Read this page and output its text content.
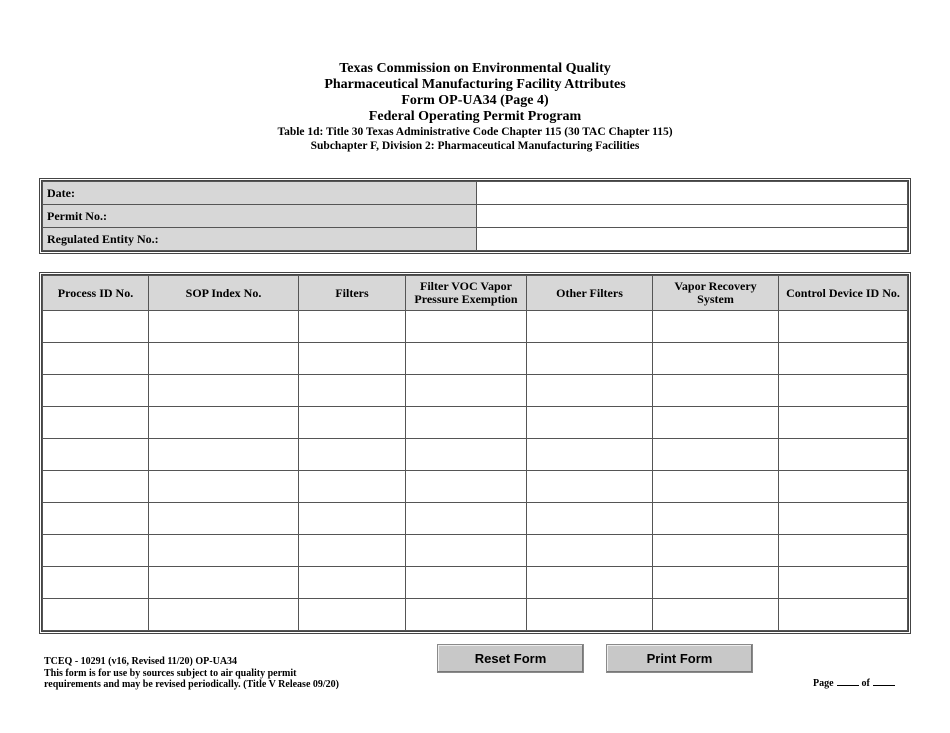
Texas Commission on Environmental Quality
Pharmaceutical Manufacturing Facility Attributes
Form OP-UA34 (Page 4)
Federal Operating Permit Program
Table 1d: Title 30 Texas Administrative Code Chapter 115 (30 TAC Chapter 115)
Subchapter F, Division 2: Pharmaceutical Manufacturing Facilities
Date:	
Permit No.:	
Regulated Entity No.:	
Process ID No.	SOP Index No.	Filters	Filter VOC Vapor Pressure Exemption	Other Filters	Vapor Recovery System	Control Device ID No.

TCEQ - 10291 (v16, Revised 11/20) OP-UA34
This form is for use by sources subject to air quality permit
requirements and may be revised periodically. (Title V Release 09/20)
Reset Form	Print Form
Page	of
